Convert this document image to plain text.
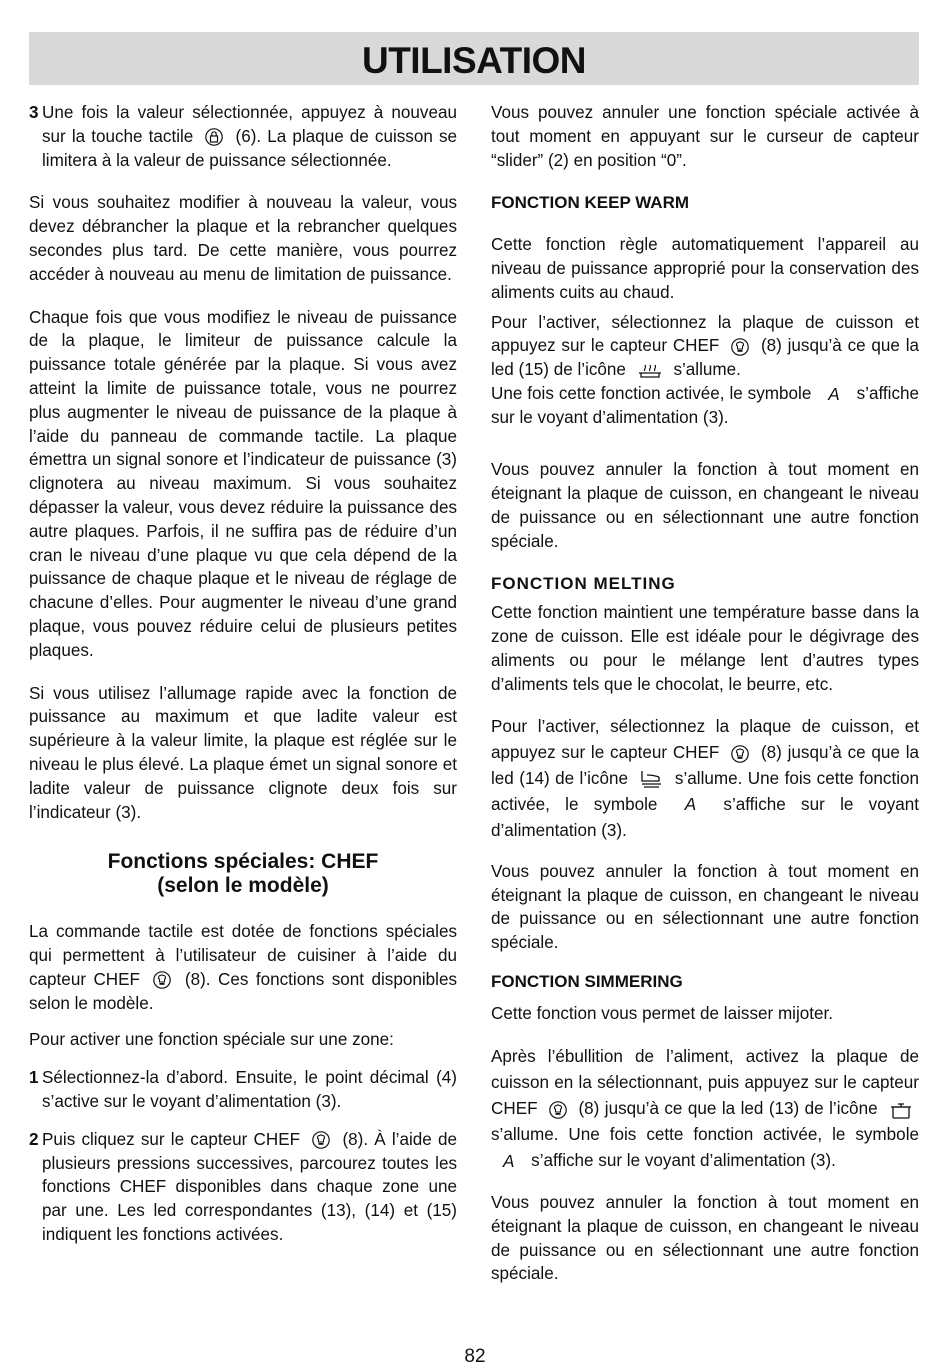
UTILISATION
3 Une fois la valeur sélectionnée, appuyez à nouveau sur la touche tactile (6). La plaque de cuisson se limitera à la valeur de puissance sélectionnée.

Si vous souhaitez modifier à nouveau la valeur, vous devez débrancher la plaque et la rebrancher quelques secondes plus tard. De cette manière, vous pourrez accéder à nouveau au menu de limitation de puissance.

Chaque fois que vous modifiez le niveau de puissance de la plaque, le limiteur de puissance calcule la puissance totale générée par la plaque. Si vous avez atteint la limite de puissance totale, vous ne pourrez plus augmenter le niveau de puissance de la plaque à l’aide du panneau de commande tactile. La plaque émettra un signal sonore et l’indicateur de puissance (3) clignotera au niveau maximum. Si vous souhaitez dépasser la valeur, vous devez réduire la puissance des autre plaques. Parfois, il ne suffira pas de réduire d’un cran le niveau d’une plaque vu que cela dépend de la puissance de chaque plaque et le niveau de réglage de chacune d’elles. Pour augmenter le niveau d’une grand plaque, vous pouvez réduire celui de plusieurs petites plaques.

Si vous utilisez l’allumage rapide avec la fonction de puissance au maximum et que ladite valeur est supérieure à la valeur limite, la plaque est réglée sur le niveau le plus élevé. La plaque émet un signal sonore et ladite valeur de puissance clignote deux fois sur l’indicateur (3).

Fonctions spéciales: CHEF
(selon le modèle)

La commande tactile est dotée de fonctions spéciales qui permettent à l’utilisateur de cuisiner à l’aide du capteur CHEF	(8). Ces fonctions sont disponibles selon le modèle.

Pour activer une fonction spéciale sur une zone:

1 Sélectionnez-la d’abord. Ensuite, le point décimal (4) s’active sur le voyant d’alimentation (3).
2 Puis cliquez sur le capteur CHEF (8). À l’aide de plusieurs pressions successives, parcourez toutes les fonctions CHEF disponibles dans chaque zone une par une. Les led correspondantes (13), (14) et (15) indiquent les fonctions activées.

Vous pouvez annuler une fonction spéciale activée à tout moment en appuyant sur le curseur de capteur “slider” (2) en position “0”.

FONCTION KEEP WARM

Cette fonction règle automatiquement l’appareil au niveau de puissance approprié pour la conservation des aliments cuits au chaud.

Pour l’activer, sélectionnez la plaque de cuisson et appuyez sur le capteur CHEF (8) jusqu’à ce que la led (15) de l’icône	s’allume.

Une fois cette fonction activée, le symbole A s’affiche sur le voyant d’alimentation (3).

Vous pouvez annuler la fonction à tout moment en éteignant la plaque de cuisson, en changeant le niveau de puissance ou en sélectionnant une autre fonction spéciale.

FONCTION MELTING

Cette fonction maintient une température basse dans la zone de cuisson. Elle est idéale pour le dégivrage des aliments ou pour le mélange lent d’autres types d’aliments tels que le chocolat, le beurre, etc.

Pour l’activer, sélectionnez la plaque de cuisson, et appuyez sur le capteur CHEF (8) jusqu’à ce que la led (14) de l’icône	s’allume. Une fois cette fonction activée, le symbole A s’affiche sur le voyant d’alimentation (3).

Vous pouvez annuler la fonction à tout moment en éteignant la plaque de cuisson, en changeant le niveau de puissance ou en sélectionnant une autre fonction spéciale.

FONCTION SIMMERING

Cette fonction vous permet de laisser mijoter.

Après l’ébullition de l’aliment, activez la plaque de cuisson en la sélectionnant, puis appuyez sur le capteur CHEF (8) jusqu’à ce que la led (13) de l’icône
s’allume. Une fois cette fonction activée, le symbole A s’affiche sur le voyant d’alimentation (3).

Vous pouvez annuler la fonction à tout moment en éteignant la plaque de cuisson, en changeant le niveau de puissance ou en sélectionnant une autre fonction spéciale.

82
